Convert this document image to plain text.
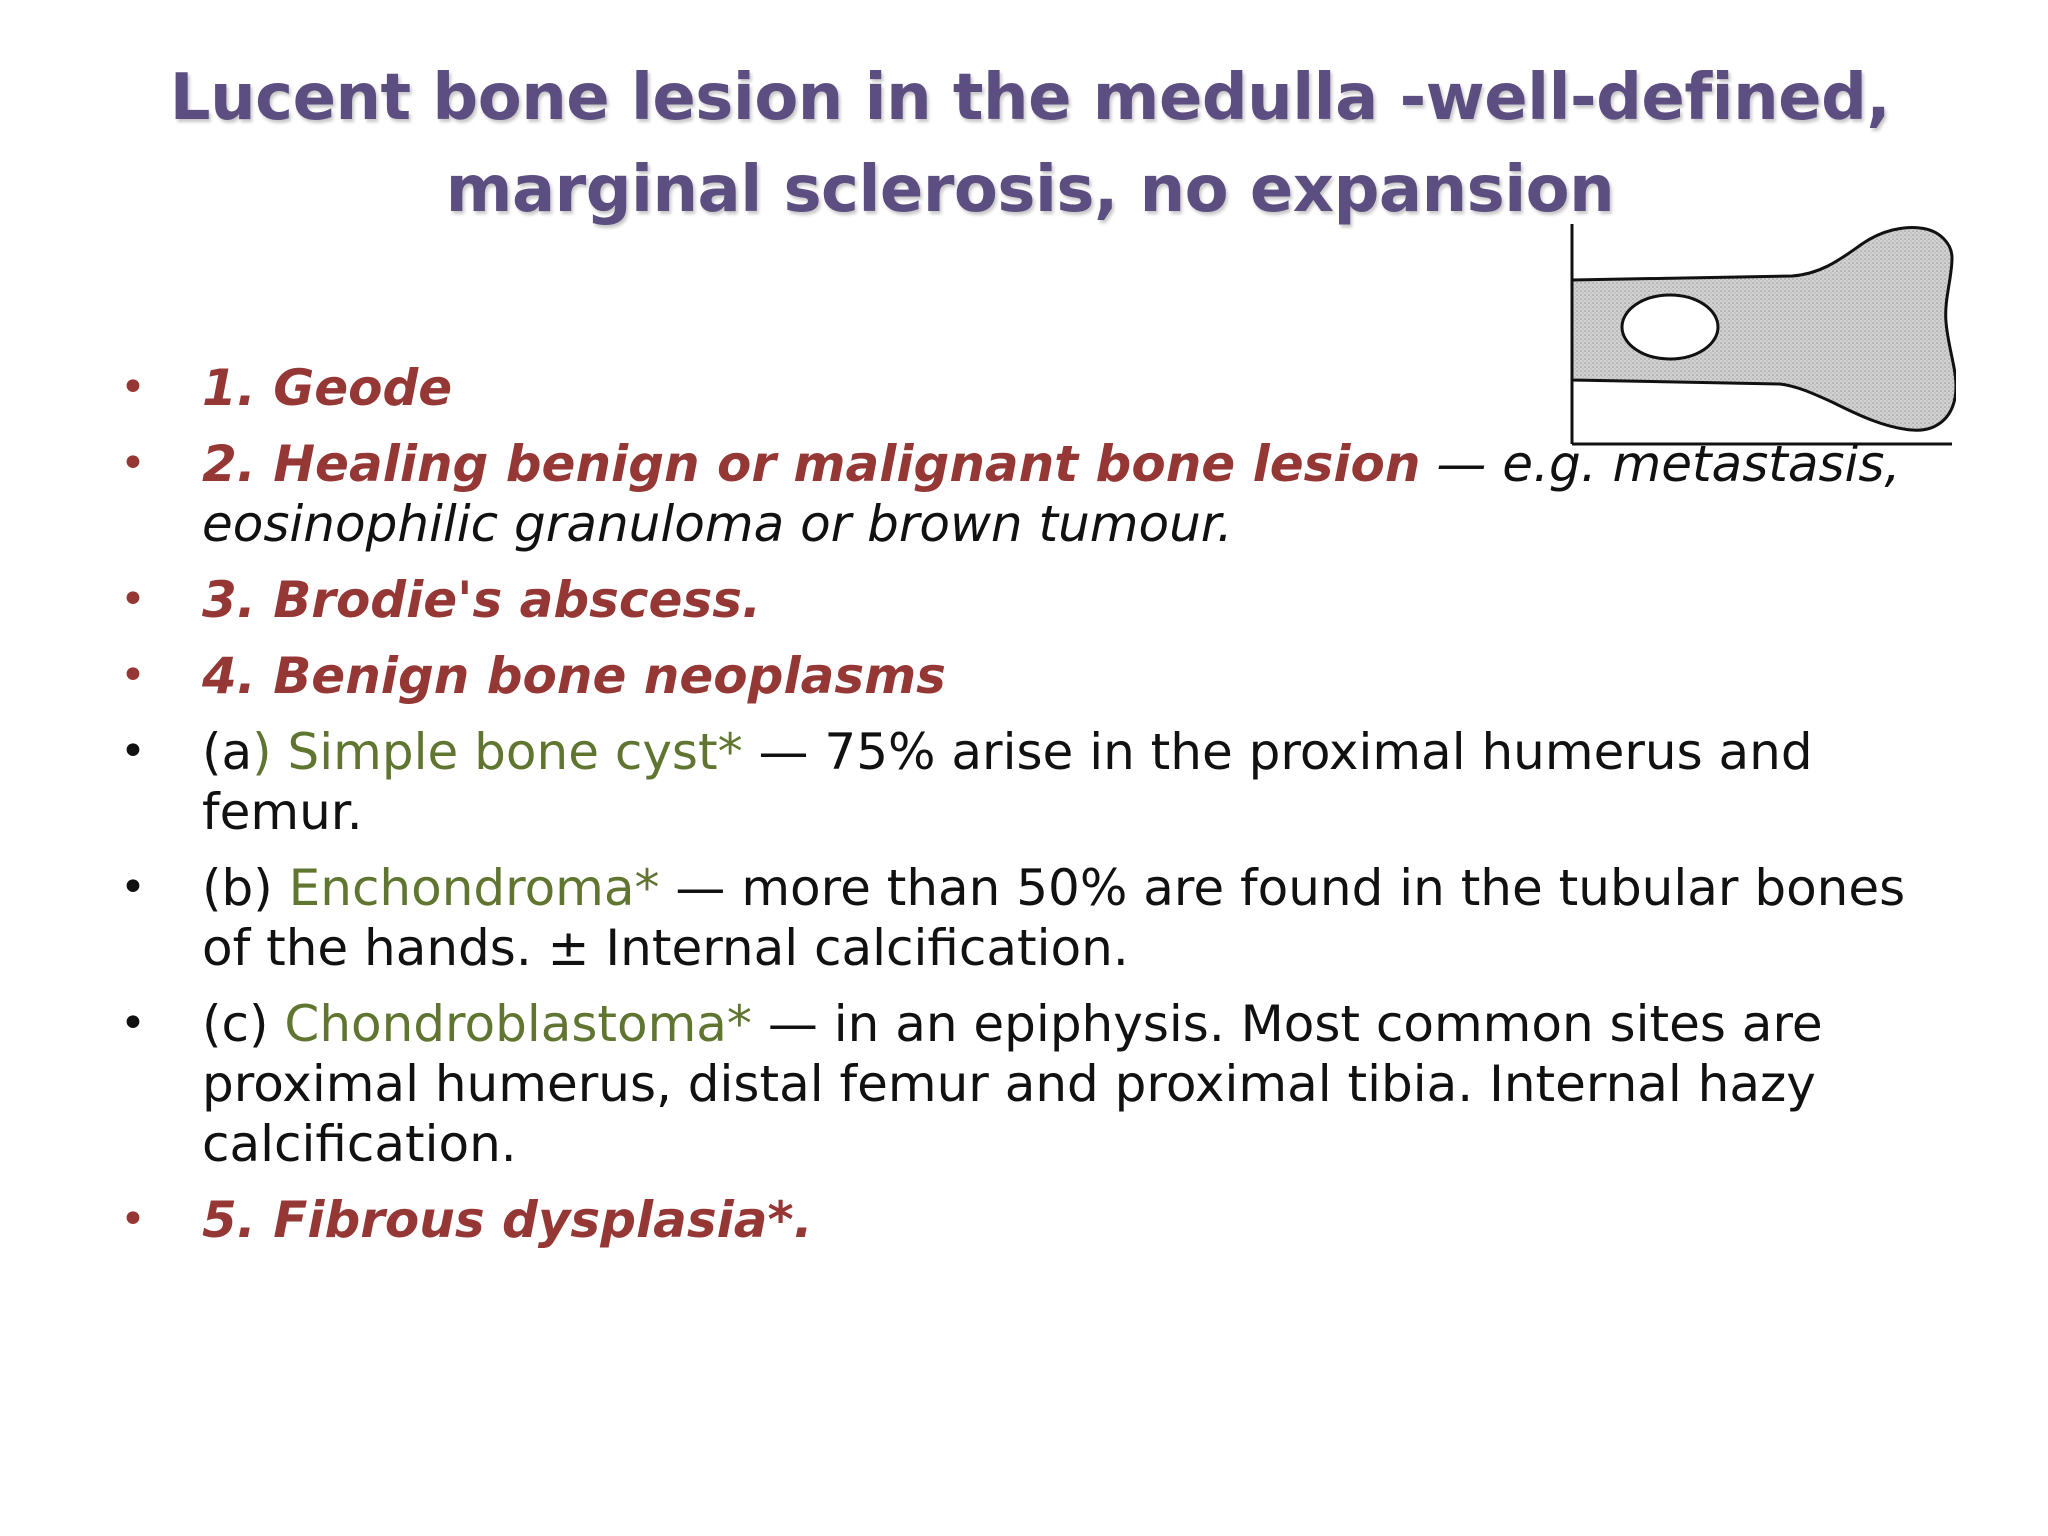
Lucent bone lesion in the medulla -well-defined,
marginal sclerosis, no expansion
• 1. Geode
• 2. Healing benign or malignant bone lesion — e.g. metastasis, eosinophilic granuloma or brown tumour.
• 3. Brodie's abscess.
• 4. Benign bone neoplasms
• (a) Simple bone cyst* — 75% arise in the proximal humerus and femur.
• (b) Enchondroma* — more than 50% are found in the tubular bones of the hands. ± Internal calcification.
• (c) Chondroblastoma* — in an epiphysis. Most common sites are proximal humerus, distal femur and proximal tibia. Internal hazy calcification.
• 5. Fibrous dysplasia*.
